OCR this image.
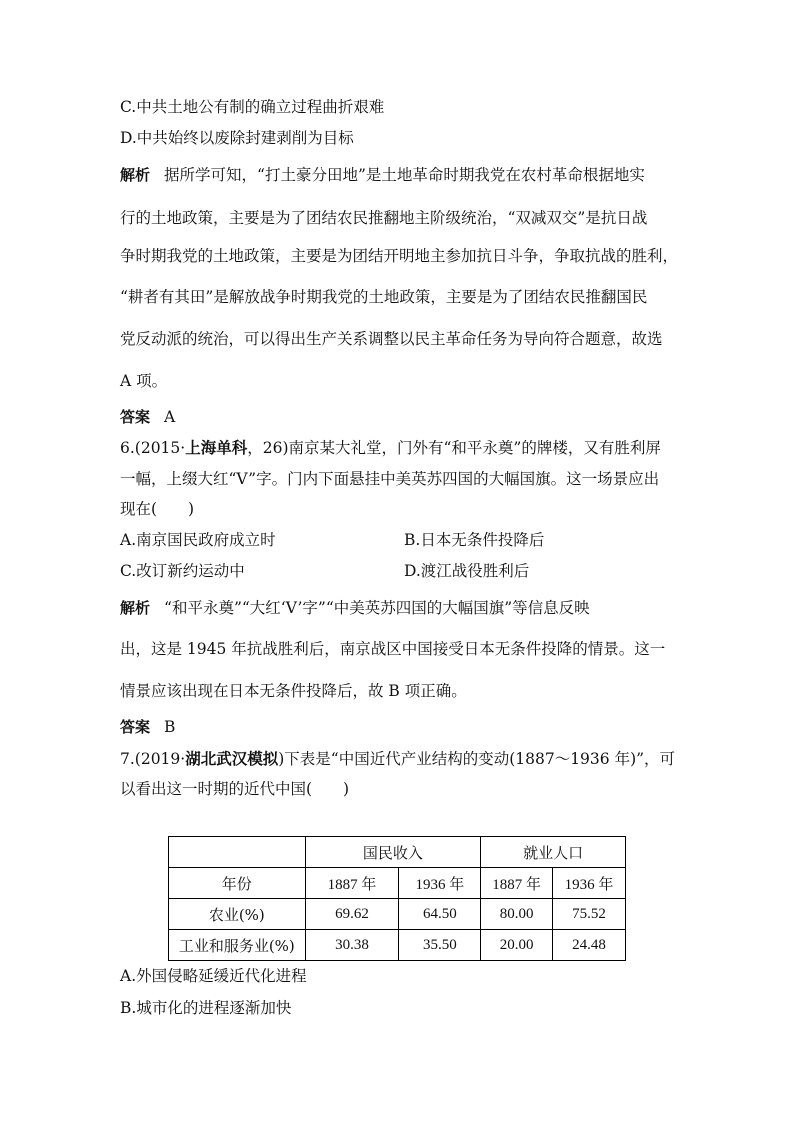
C.中共土地公有制的确立过程曲折艰难
D.中共始终以废除封建剥削为目标
解析 据所学可知，“打土豪分田地”是土地革命时期我党在农村革命根据地实
行的土地政策，主要是为了团结农民推翻地主阶级统治，“双减双交”是抗日战
争时期我党的土地政策，主要是为团结开明地主参加抗日斗争，争取抗战的胜利，
“耕者有其田”是解放战争时期我党的土地政策，主要是为了团结农民推翻国民
党反动派的统治，可以得出生产关系调整以民主革命任务为导向符合题意，故选
A 项。
答案 A
6.(2015·上海单科，26)南京某大礼堂，门外有“和平永奠”的牌楼，又有胜利屏
一幅，上缀大红“V”字。门内下面悬挂中美英苏四国的大幅国旗。这一场景应出
现在(　　)
A.南京国民政府成立时	B.日本无条件投降后
C.改订新约运动中	D.渡江战役胜利后
解析 “和平永奠”“大红‘V’字”“中美英苏四国的大幅国旗”等信息反映
出，这是 1945 年抗战胜利后，南京战区中国接受日本无条件投降的情景。这一
情景应该出现在日本无条件投降后，故 B 项正确。
答案 B
7.(2019·湖北武汉模拟)下表是“中国近代产业结构的变动(1887～1936 年)”，可
以看出这一时期的近代中国(　　)
	国民收入		就业人口	
年份	1887 年	1936 年	1887 年	1936 年
农业(%)	69.62	64.50	80.00	75.52
工业和服务业(%)	30.38	35.50	20.00	24.48
A.外国侵略延缓近代化进程
B.城市化的进程逐渐加快
